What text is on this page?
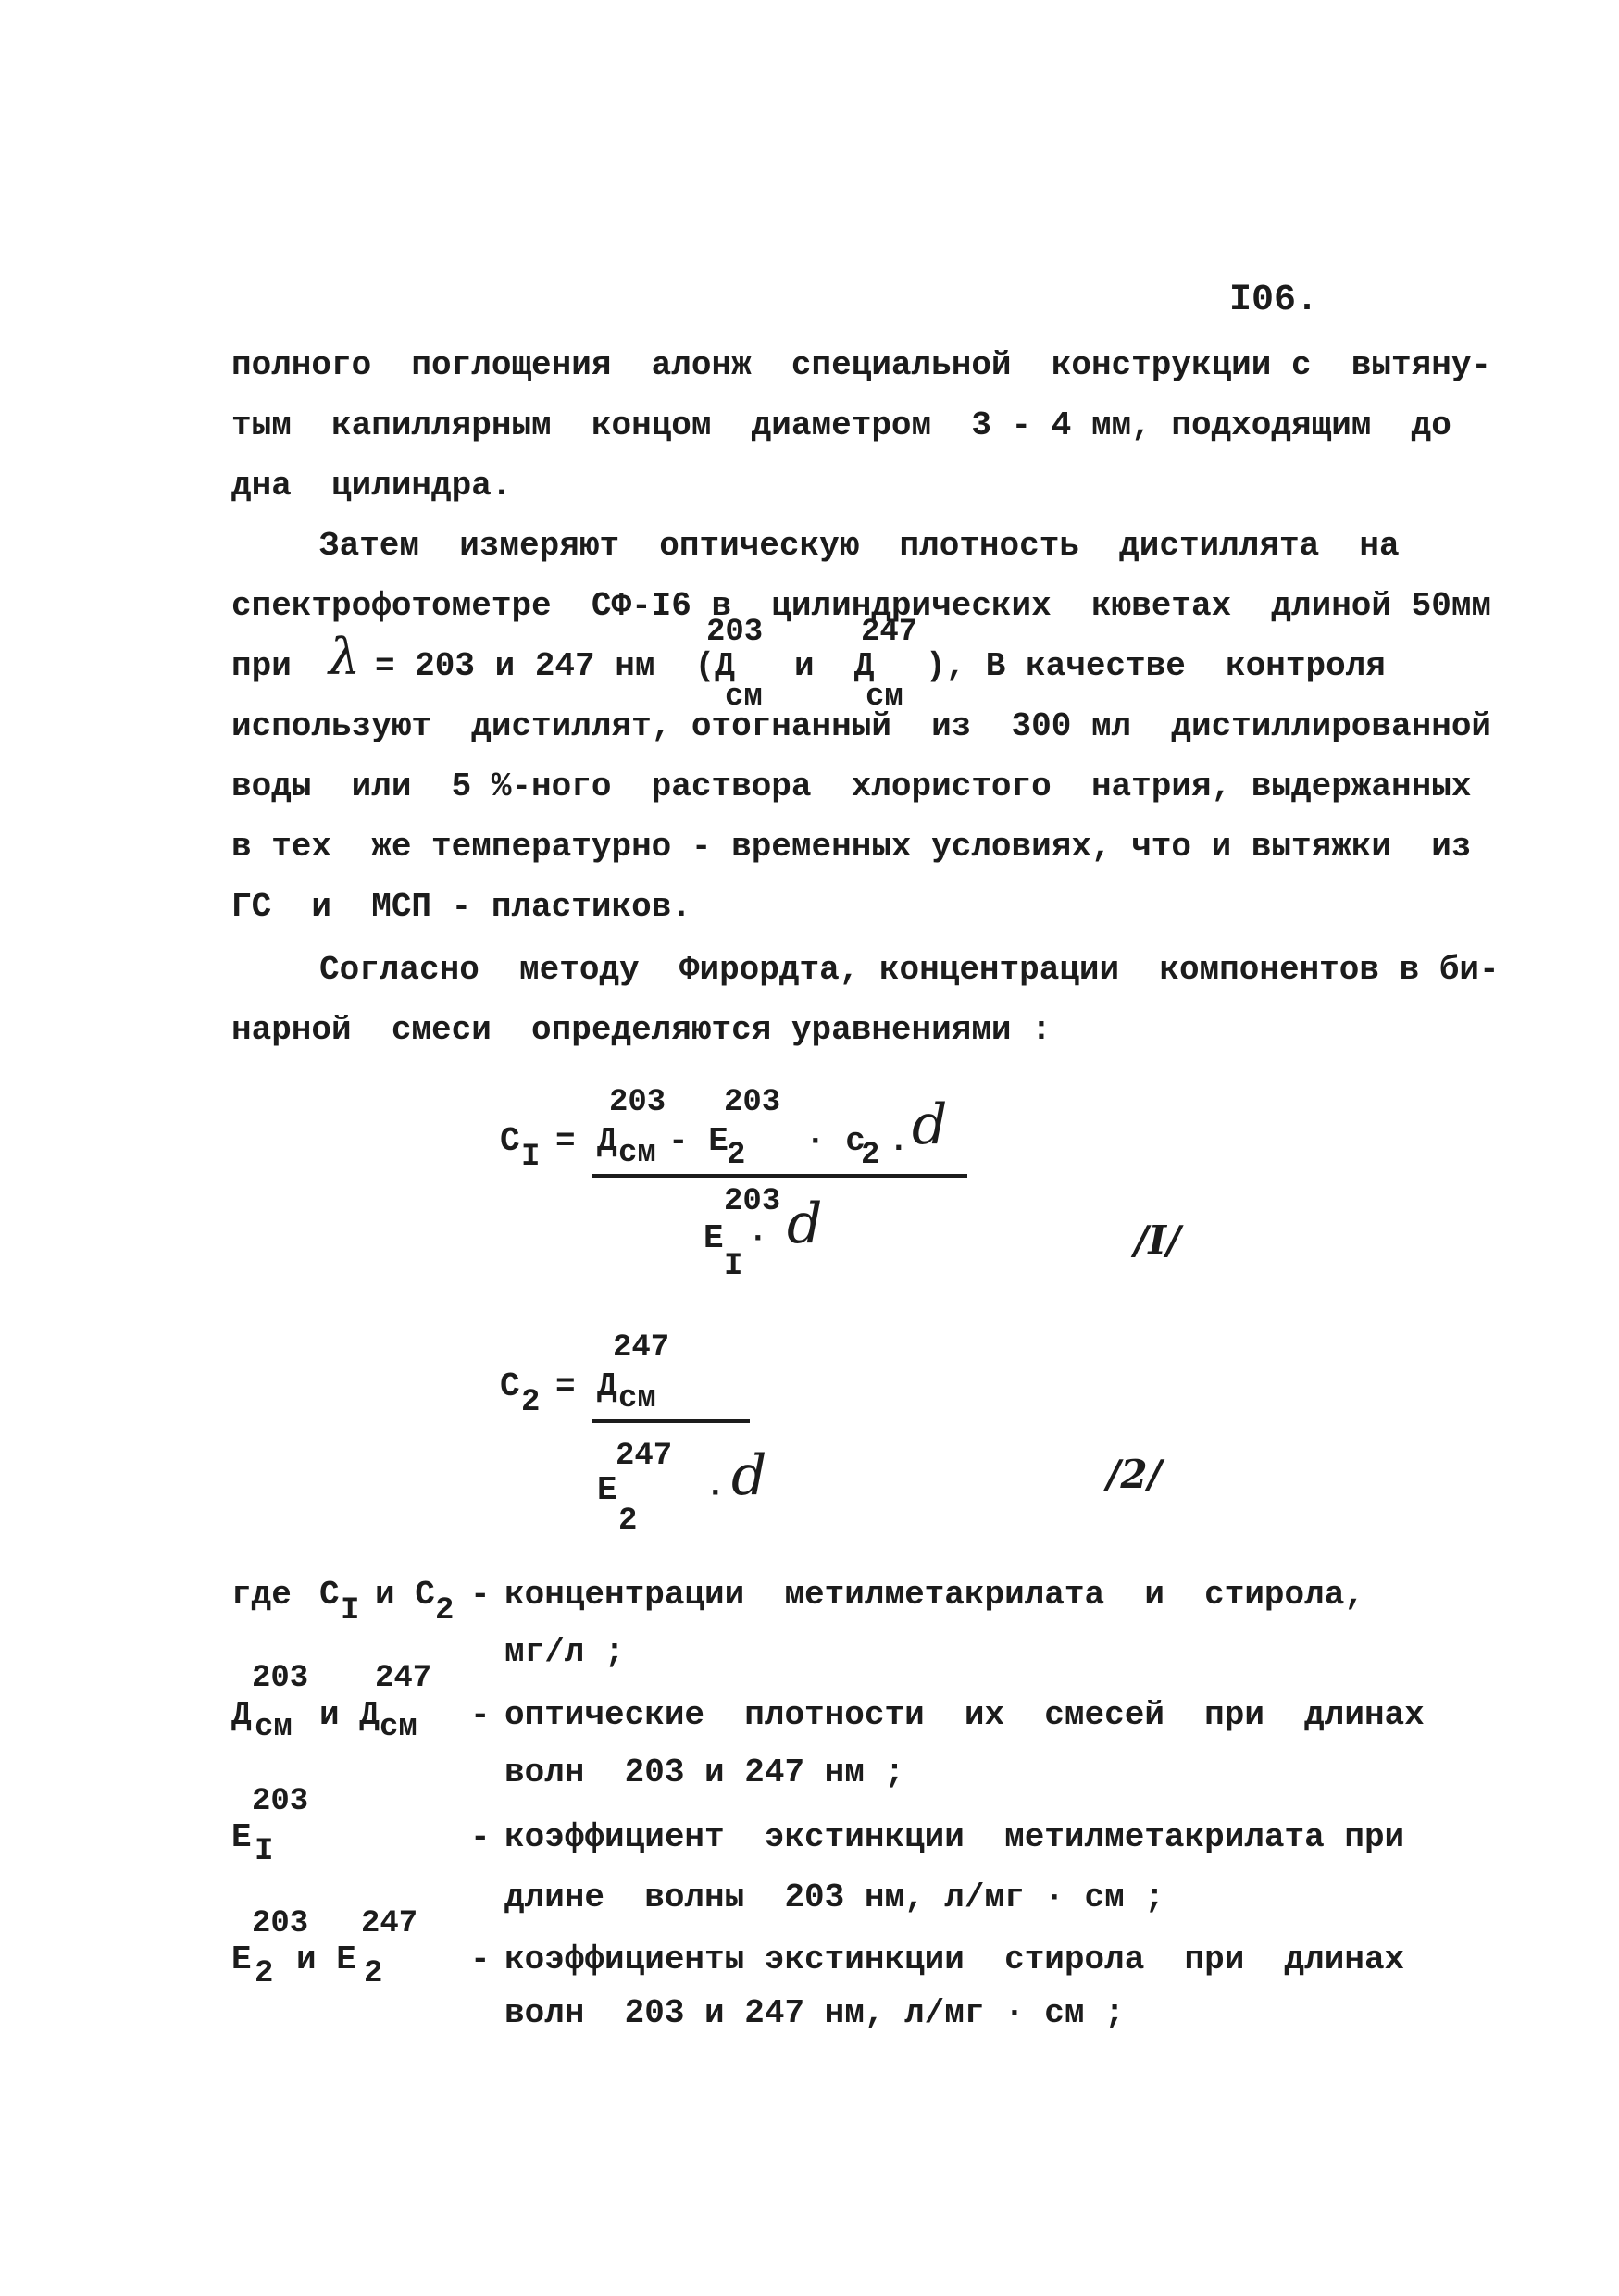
I06.
полного  поглощения  алонж  специальной  конструкции с  вытяну-
тым  капиллярным  концом  диаметром  3 - 4 мм, подходящим  до
дна  цилиндра.
Затем  измеряют  оптическую  плотность  дистиллята  на
спектрофотометре  СФ-I6 в  цилиндрических  кюветах  длиной 50мм
при λ = 203 и 247 нм  (Д
203
см
и  Д
247
см
), В качестве  контроля
используют  дистиллят, отогнанный  из  300 мл  дистиллированной
воды  или  5 %-ного  раствора  хлористого  натрия, выдержанных
в тех  же температурно - временных условиях, что и вытяжки  из
ГС  и  МСП - пластиков.
Согласно  методу  Фирордта, концентрации  компонентов в би-
нарной  смеси  определяются уравнениями :
C I = Д
203
см - E
203
2 · c
2 . d
E
203
I
· d	/I/
C 2 = Д
247
см
E
247
2
· d	/2/
где C I и C 2 - концентрации  метилметакрилата  и  стирола,
мг/л ;
Д
203
см и Д
247
см - оптические  плотности  их  смесей  при  длинах
волн  203 и 247 нм ;
E
203
I	- коэффициент  экстинкции  метилметакрилата при
длине  волны  203 нм, л/мг · см ;
E
203
2 и E
247
2	- коэффициенты экстинкции  стирола  при  длинах
волн  203 и 247 нм, л/мг · см ;
